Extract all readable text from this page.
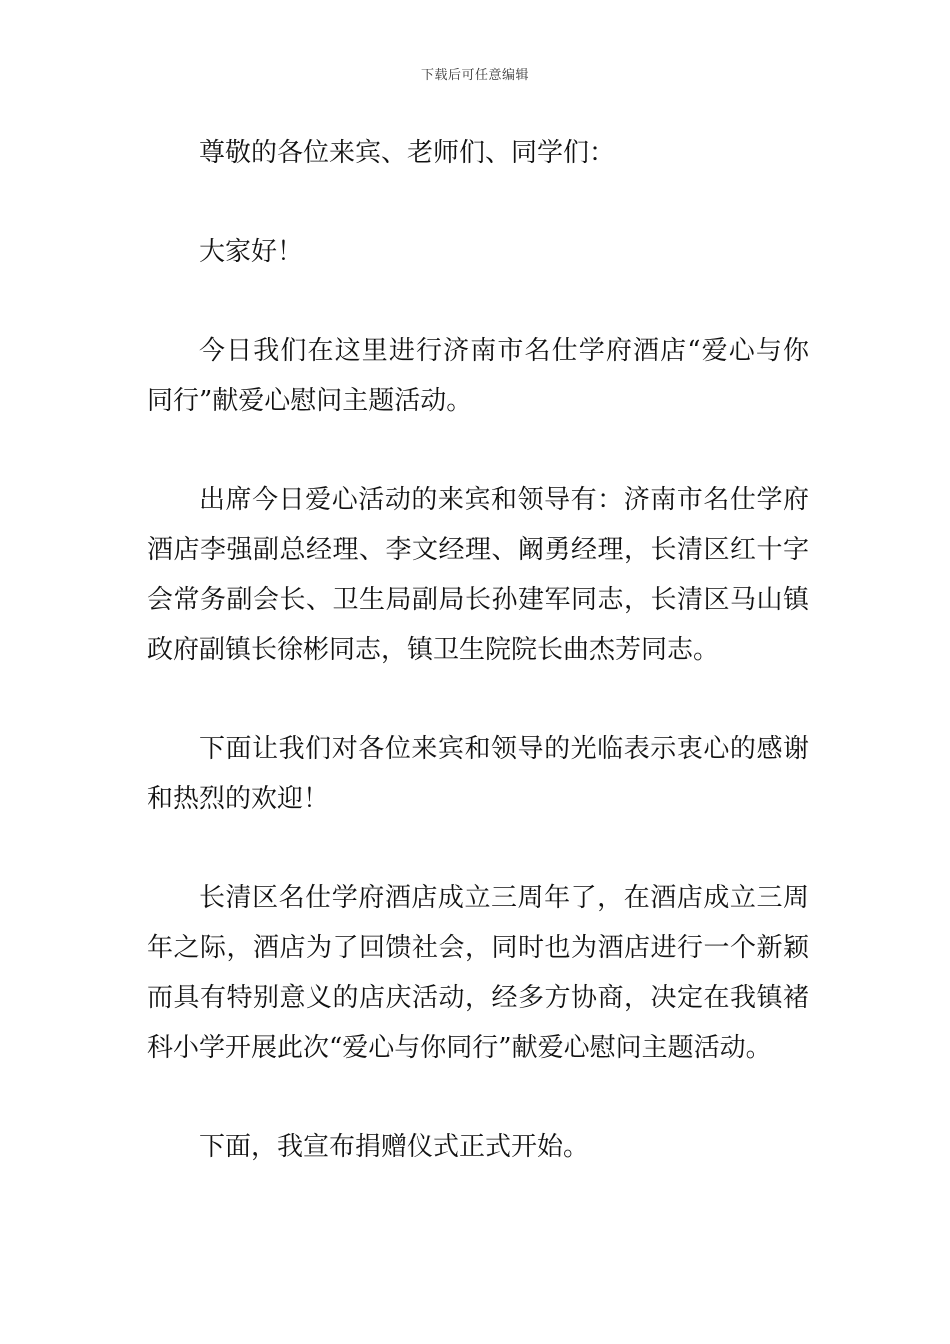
下载后可任意编辑

尊敬的各位来宾、老师们、同学们：

大家好！

今日我们在这里进行济南市名仕学府酒店“爱心与你同行”献爱心慰问主题活动。

出席今日爱心活动的来宾和领导有：济南市名仕学府酒店李强副总经理、李文经理、阚勇经理，长清区红十字会常务副会长、卫生局副局长孙建军同志，长清区马山镇政府副镇长徐彬同志，镇卫生院院长曲杰芳同志。

下面让我们对各位来宾和领导的光临表示衷心的感谢和热烈的欢迎！

长清区名仕学府酒店成立三周年了，在酒店成立三周年之际，酒店为了回馈社会，同时也为酒店进行一个新颖而具有特别意义的店庆活动，经多方协商，决定在我镇褚科小学开展此次“爱心与你同行”献爱心慰问主题活动。

下面，我宣布捐赠仪式正式开始。
